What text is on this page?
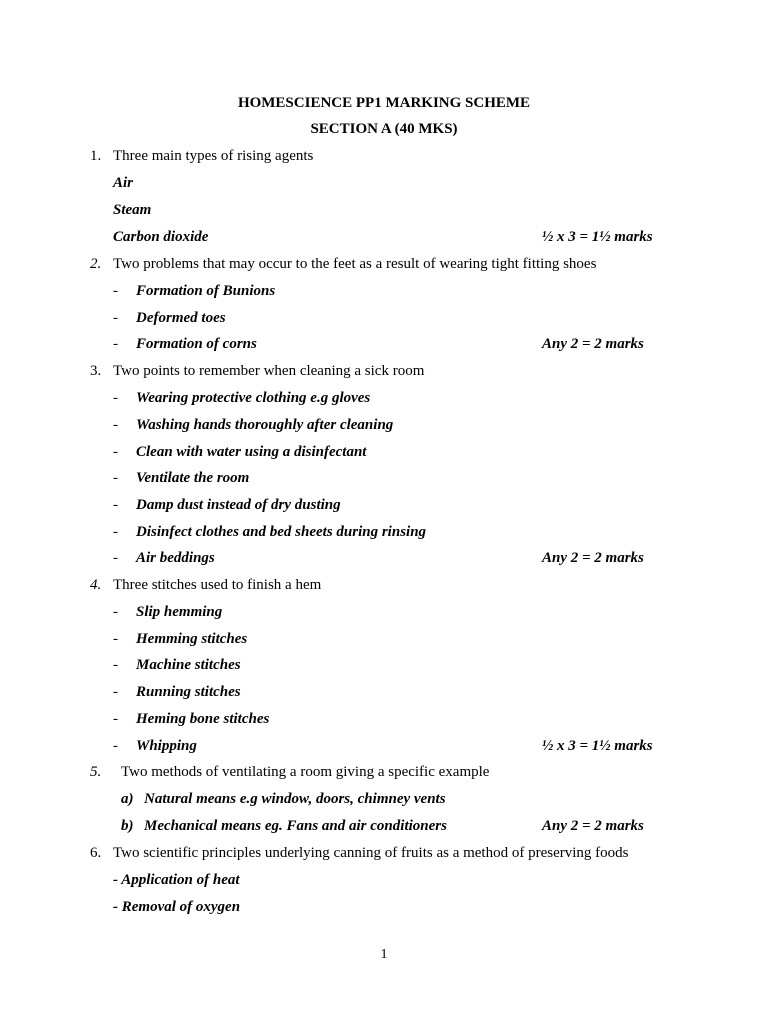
HOMESCIENCE PP1 MARKING SCHEME
SECTION A (40 MKS)
1. Three main types of rising agents
Air
Steam
Carbon dioxide	½ x 3 = 1½ marks
2. Two problems that may occur to the feet as a result of wearing tight fitting shoes
- Formation of Bunions
- Deformed toes
- Formation of corns	Any 2 = 2 marks
3. Two points to remember when cleaning a sick room
- Wearing protective clothing e.g gloves
- Washing hands thoroughly after cleaning
- Clean with water using a disinfectant
- Ventilate the room
- Damp dust instead of dry dusting
- Disinfect clothes and bed sheets during rinsing
- Air beddings	Any 2 = 2 marks
4. Three stitches used to finish a hem
- Slip hemming
- Hemming stitches
- Machine stitches
- Running stitches
- Heming bone stitches
- Whipping	½ x 3 = 1½ marks
5. Two methods of ventilating a room giving a specific example
a) Natural means e.g window, doors, chimney vents
b) Mechanical means eg. Fans and air conditioners	Any 2 = 2 marks
6. Two scientific principles underlying canning of fruits as a method of preserving foods
- Application of heat
- Removal of oxygen
1
